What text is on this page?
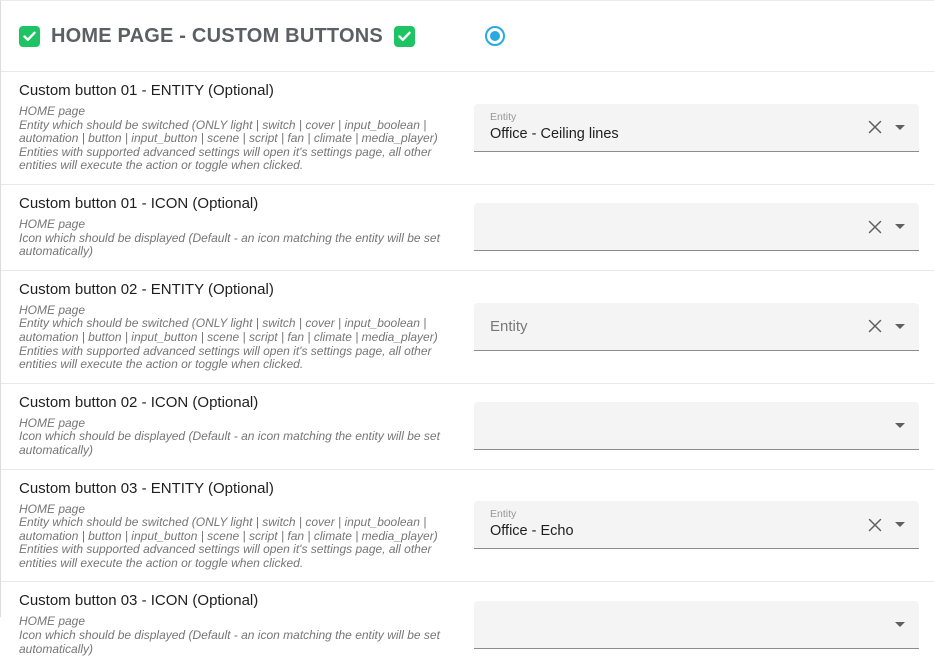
HOME PAGE - CUSTOM BUTTONS
Custom button 01 - ENTITY (Optional)
HOME page
Entity which should be switched (ONLY light | switch | cover | input_boolean | automation | button | input_button | scene | script | fan | climate | media_player)
Entities with supported advanced settings will open it's settings page, all other entities will execute the action or toggle when clicked.
Entity
Office - Ceiling lines
Custom button 01 - ICON (Optional)
HOME page
Icon which should be displayed (Default - an icon matching the entity will be set automatically)
Custom button 02 - ENTITY (Optional)
HOME page
Entity which should be switched (ONLY light | switch | cover | input_boolean | automation | button | input_button | scene | script | fan | climate | media_player)
Entities with supported advanced settings will open it's settings page, all other entities will execute the action or toggle when clicked.
Entity
Custom button 02 - ICON (Optional)
HOME page
Icon which should be displayed (Default - an icon matching the entity will be set automatically)
Custom button 03 - ENTITY (Optional)
HOME page
Entity which should be switched (ONLY light | switch | cover | input_boolean | automation | button | input_button | scene | script | fan | climate | media_player)
Entities with supported advanced settings will open it's settings page, all other entities will execute the action or toggle when clicked.
Entity
Office - Echo
Custom button 03 - ICON (Optional)
HOME page
Icon which should be displayed (Default - an icon matching the entity will be set automatically)
